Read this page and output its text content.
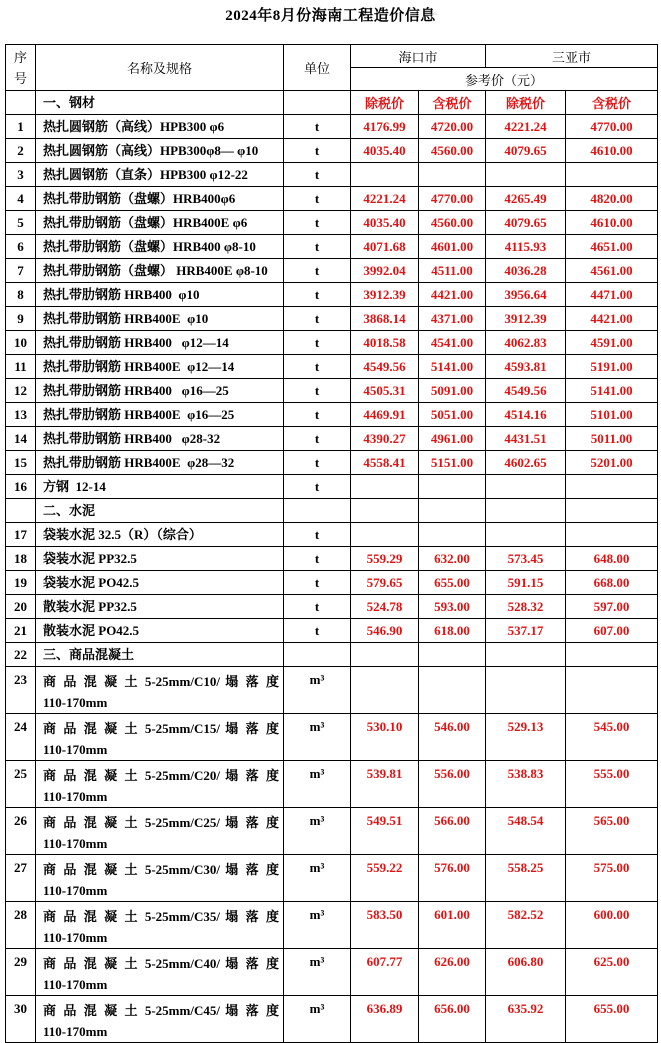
2024年8月份海南工程造价信息
序号	名称及规格	单位	海口市		三亚市	
			参考价（元）			

	一、钢材		除税价	含税价	除税价	含税价
1	热扎圆钢筋（高线）HPB300 φ6	t	4176.99	4720.00	4221.24	4770.00
2	热扎圆钢筋（高线）HPB300φ8— φ10	t	4035.40	4560.00	4079.65	4610.00
3	热扎圆钢筋（直条）HPB300 φ12-22	t				
4	热扎带肋钢筋（盘螺）HRB400φ6	t	4221.24	4770.00	4265.49	4820.00
5	热扎带肋钢筋（盘螺）HRB400E φ6	t	4035.40	4560.00	4079.65	4610.00
6	热扎带肋钢筋（盘螺）HRB400 φ8-10	t	4071.68	4601.00	4115.93	4651.00
7	热扎带肋钢筋（盘螺） HRB400E φ8-10	t	3992.04	4511.00	4036.28	4561.00
8	热扎带肋钢筋 HRB400  φ10	t	3912.39	4421.00	3956.64	4471.00
9	热扎带肋钢筋 HRB400E  φ10	t	3868.14	4371.00	3912.39	4421.00
10	热扎带肋钢筋 HRB400   φ12—14	t	4018.58	4541.00	4062.83	4591.00
11	热扎带肋钢筋 HRB400E  φ12—14	t	4549.56	5141.00	4593.81	5191.00
12	热扎带肋钢筋 HRB400   φ16—25	t	4505.31	5091.00	4549.56	5141.00
13	热扎带肋钢筋 HRB400E  φ16—25	t	4469.91	5051.00	4514.16	5101.00
14	热扎带肋钢筋 HRB400   φ28-32	t	4390.27	4961.00	4431.51	5011.00
15	热扎带肋钢筋 HRB400E  φ28—32	t	4558.41	5151.00	4602.65	5201.00
16	方钢  12-14	t				

	二、水泥					

17	袋装水泥 32.5（R）（综合）	t				
18	袋装水泥 PP32.5	t	559.29	632.00	573.45	648.00
19	袋装水泥 PO42.5	t	579.65	655.00	591.15	668.00
20	散装水泥 PP32.5	t	524.78	593.00	528.32	597.00
21	散装水泥 PO42.5	t	546.90	618.00	537.17	607.00
22	三、商品混凝土					

23	商 品 混 凝 土 5-25mm/C10/ 塌 落 度
110-170mm	m³				
24	商 品 混 凝 土 5-25mm/C15/ 塌 落 度
110-170mm	m³	530.10	546.00	529.13	545.00
25	商 品 混 凝 土 5-25mm/C20/ 塌 落 度
110-170mm	m³	539.81	556.00	538.83	555.00
26	商 品 混 凝 土 5-25mm/C25/ 塌 落 度
110-170mm	m³	549.51	566.00	548.54	565.00
27	商 品 混 凝 土 5-25mm/C30/ 塌 落 度
110-170mm	m³	559.22	576.00	558.25	575.00
28	商 品 混 凝 土 5-25mm/C35/ 塌 落 度
110-170mm	m³	583.50	601.00	582.52	600.00
29	商 品 混 凝 土 5-25mm/C40/ 塌 落 度
110-170mm	m³	607.77	626.00	606.80	625.00
30	商 品 混 凝 土 5-25mm/C45/ 塌 落 度
110-170mm	m³	636.89	656.00	635.92	655.00
